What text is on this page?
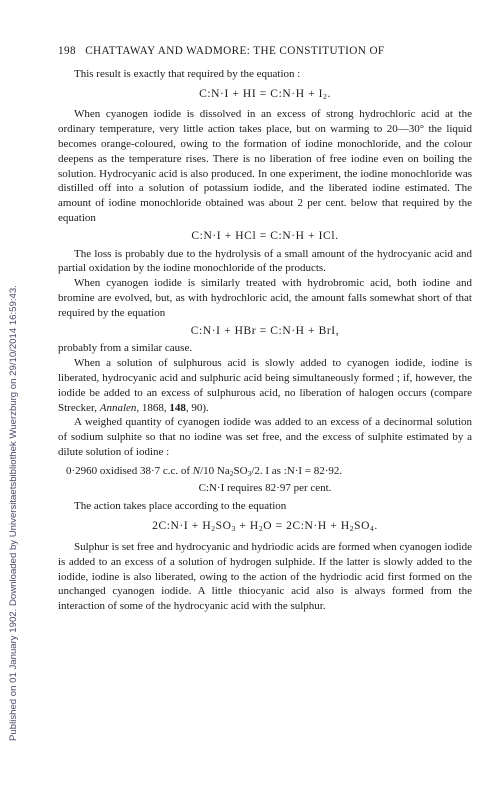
Published on 01 January 1902. Downloaded by Universitaetsbibliothek Wuerzburg on 29/10/2014 16:59:43.
198 CHATTAWAY AND WADMORE: THE CONSTITUTION OF

This result is exactly that required by the equation :

C:N·I + HI = C:N·H + $I_2$.

When cyanogen iodide is dissolved in an excess of strong hydrochloric acid at the ordinary temperature, very little action takes place, but on warming to 20—30° the liquid becomes orange-coloured, owing to the formation of iodine monochloride, and the colour deepens as the temperature rises. There is no liberation of free iodine even on boiling the solution. Hydrocyanic acid is also produced. In one experiment, the iodine monochloride was distilled off into a solution of potassium iodide, and the liberated iodine estimated. The amount of iodine monochloride obtained was about 2 per cent. below that required by the equation

C:N·I + HCl = C:N·H + ICl.

The loss is probably due to the hydrolysis of a small amount of the hydrocyanic acid and partial oxidation by the iodine monochloride of the products.

When cyanogen iodide is similarly treated with hydrobromic acid, both iodine and bromine are evolved, but, as with hydrochloric acid, the amount falls somewhat short of that required by the equation

C:N·I + HBr = C:N·H + BrI,

probably from a similar cause.

When a solution of sulphurous acid is slowly added to cyanogen iodide, iodine is liberated, hydrocyanic acid and sulphuric acid being simultaneously formed ; if, however, the iodide be added to an excess of sulphurous acid, no liberation of halogen occurs (compare Strecker, Annalen, 1868, 148, 90).

A weighed quantity of cyanogen iodide was added to an excess of a decinormal solution of sodium sulphite so that no iodine was set free, and the excess of sulphite estimated by a dilute solution of iodine :

0·2960 oxidised 38·7 c.c. of N/10 $Na_2SO_3/2$. I as :N·I = 82·92.
C:N·I requires 82·97 per cent.

The action takes place according to the equation

2C:N·I + $H_2SO_3 + H_2O$ = 2C:N·H + $H_2SO_4$.

Sulphur is set free and hydrocyanic and hydriodic acids are formed when cyanogen iodide is added to an excess of a solution of hydrogen sulphide. If the latter is slowly added to the iodide, iodine is also liberated, owing to the action of the hydriodic acid first formed on the unchanged cyanogen iodide. A little thiocyanic acid also is always formed from the interaction of some of the hydrocyanic acid with the sulphur.
